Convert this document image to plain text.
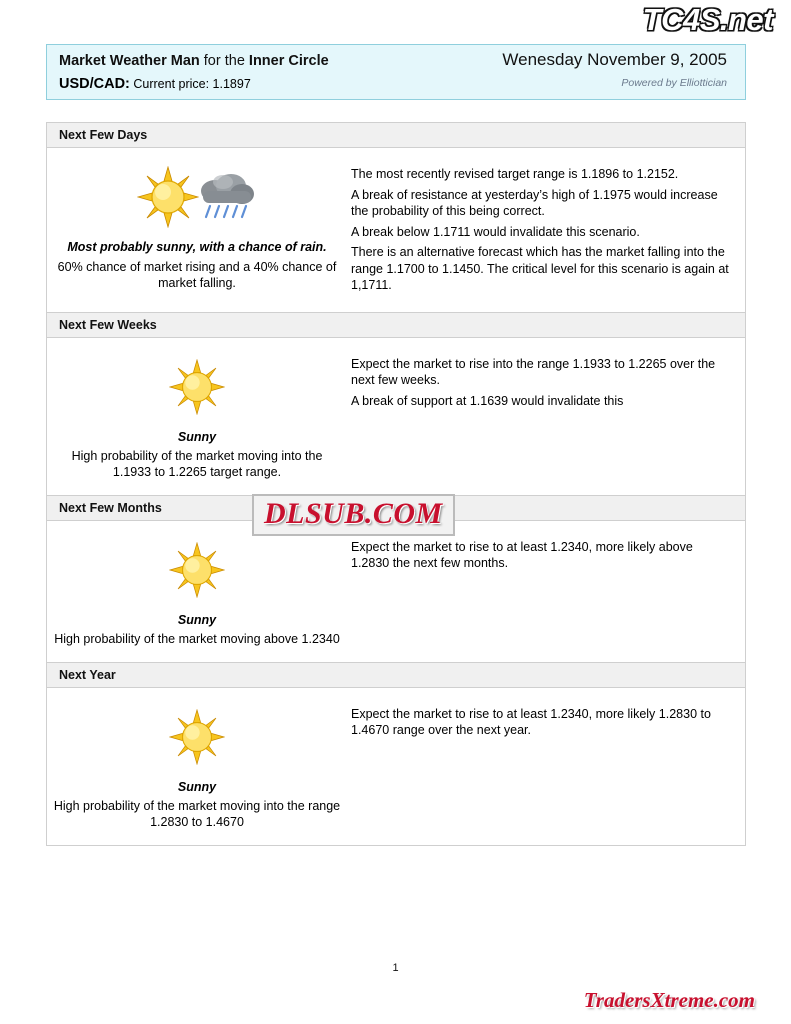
TC4S.net
Market Weather Man for the Inner Circle	Wenesday November 9, 2005
USD/CAD: Current price: 1.1897	Powered by Elliottician
Next Few Days
Most probably sunny, with a chance of rain.
60% chance of market rising and a 40% chance of market falling.

The most recently revised target range is 1.1896 to 1.2152.

A break of resistance at yesterday’s high of 1.1975 would increase the probability of this being correct.

A break below 1.1711 would invalidate this scenario.

There is an alternative forecast which has the market falling into the range 1.1700 to 1.1450. The critical level for this scenario is again at 1,1711.

Next Few Weeks
Sunny
High probability of the market moving into the 1.1933 to 1.2265 target range.

Expect the market to rise into the range 1.1933 to 1.2265 over the next few weeks.

A break of support at 1.1639 would invalidate this

Next Few Months
Sunny
High probability of the market moving above 1.2340

Expect the market to rise to at least 1.2340, more likely above 1.2830 the next few months.

Next Year
Sunny
High probability of the market moving into the range 1.2830 to 1.4670

Expect the market to rise to at least 1.2340, more likely 1.2830 to 1.4670 range over the next year.

DLSUB.COM
1
TradersXtreme.com
